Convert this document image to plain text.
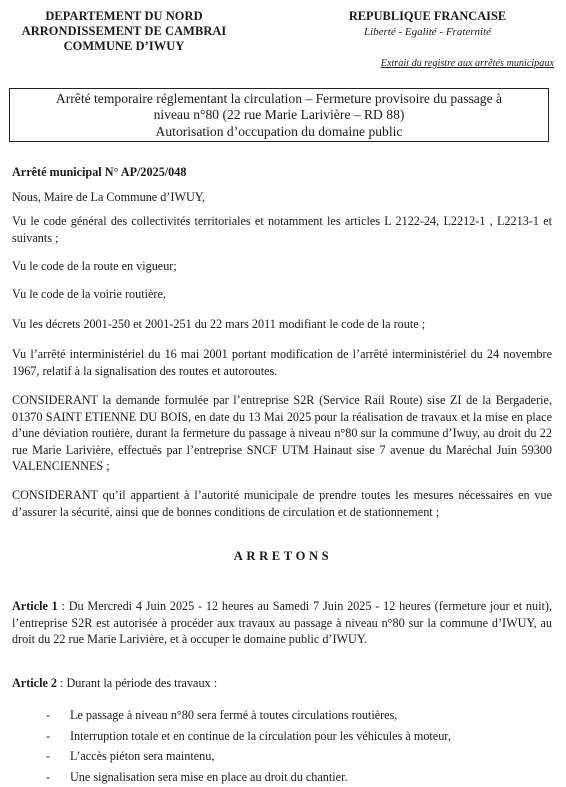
DEPARTEMENT DU NORD
ARRONDISSEMENT DE CAMBRAI
COMMUNE D’IWUY
REPUBLIQUE FRANCAISE
Liberté - Egalité - Fraternité
Extrait du registre aux arrêtés municipaux
Arrêté temporaire réglementant la circulation – Fermeture provisoire du passage à
niveau n°80 (22 rue Marie Larivière – RD 88)
Autorisation d’occupation du domaine public
Arrêté municipal N° AP/2025/048
Nous, Maire de La Commune d’IWUY,
Vu le code général des collectivités territoriales et notamment les articles L 2122-24, L2212-1 , L2213-1 et suivants ;
Vu le code de la route en vigueur;
Vu le code de la voirie routière,
Vu les décrets 2001-250 et 2001-251 du 22 mars 2011 modifiant le code de la route ;
Vu l’arrêté interministériel du 16 mai 2001 portant modification de l’arrêté interministériel du 24 novembre 1967, relatif à la signalisation des routes et autoroutes.
CONSIDERANT la demande formulée par l’entreprise S2R (Service Rail Route) sise ZI de la Bergaderie, 01370 SAINT ETIENNE DU BOIS, en date du 13 Mai 2025 pour la réalisation de travaux et la mise en place d’une déviation routière, durant la fermeture du passage à niveau n°80 sur la commune d’Iwuy, au droit du 22 rue Marie Larivière, effectués par l’entreprise SNCF UTM Hainaut sise 7 avenue du Maréchal Juin 59300 VALENCIENNES ;
CONSIDERANT qu’il appartient à l’autorité municipale de prendre toutes les mesures nécessaires en vue d’assurer la sécurité, ainsi que de bonnes conditions de circulation et de stationnement ;
ARRETONS
Article 1 : Du Mercredi 4 Juin 2025 - 12 heures au Samedi 7 Juin 2025 - 12 heures (fermeture jour et nuit), l’entreprise S2R est autorisée à procéder aux travaux au passage à niveau n°80 sur la commune d’IWUY, au droit du 22 rue Marie Larivière, et à occuper le domaine public d’IWUY.
Article 2 : Durant la période des travaux :
- Le passage à niveau n°80 sera fermé à toutes circulations routières,
- Interruption totale et en continue de la circulation pour les véhicules à moteur,
- L’accès piéton sera maintenu,
- Une signalisation sera mise en place au droit du chantier.
